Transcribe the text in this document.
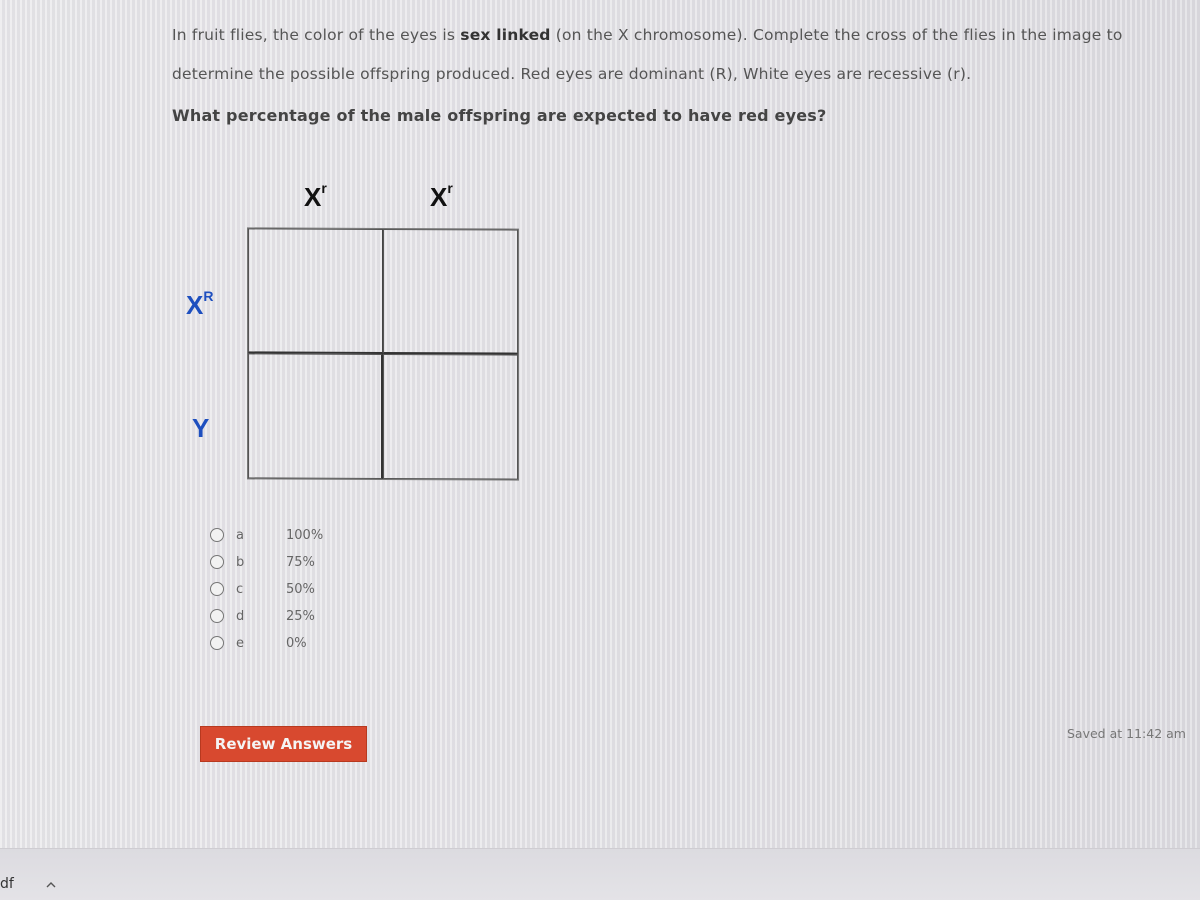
In fruit flies, the color of the eyes is sex linked (on the X chromosome). Complete the cross of the flies in the image to
determine the possible offspring produced. Red eyes are dominant (R), White eyes are recessive (r).
What percentage of the male offspring are expected to have red eyes?
$X^r$	$X^r$
$X^R$
Y
a	100%
b	75%
c	50%
d	25%
e	0%
Review Answers
Saved at 11:42 am
df
